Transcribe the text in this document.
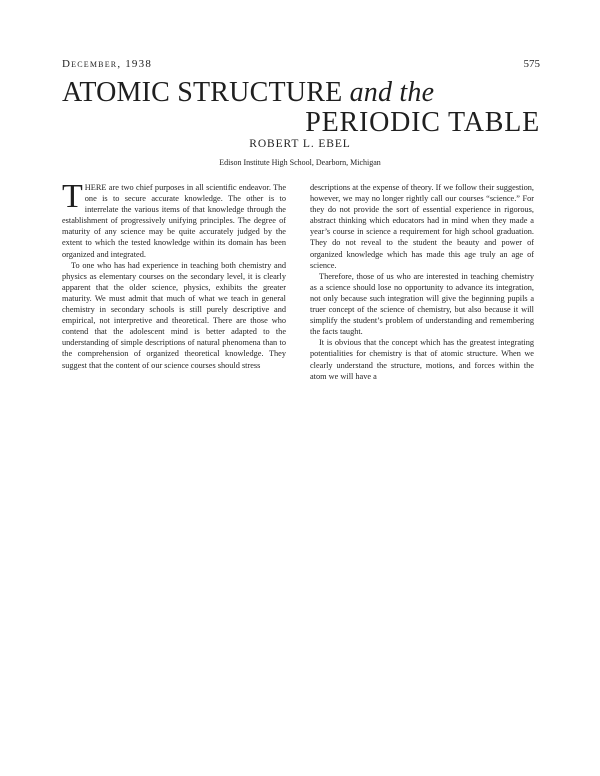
December, 1938	575
ATOMIC STRUCTURE and the
PERIODIC TABLE
ROBERT L. EBEL
Edison Institute High School, Dearborn, Michigan

THERE are two chief purposes in all scientific endeavor. The one is to secure accurate knowledge. The other is to interrelate the various items of that knowledge through the establishment of progressively unifying principles. The degree of maturity of any science may be quite accurately judged by the extent to which the tested knowledge within its domain has been organized and integrated.

To one who has had experience in teaching both chemistry and physics as elementary courses on the secondary level, it is clearly apparent that the older science, physics, exhibits the greater maturity. We must admit that much of what we teach in general chemistry in secondary schools is still purely descriptive and empirical, not interpretive and theoretical. There are those who contend that the adolescent mind is better adapted to the understanding of simple descriptions of natural phenomena than to the comprehension of organized theoretical knowledge. They suggest that the content of our science courses should stress

descriptions at the expense of theory. If we follow their suggestion, however, we may no longer rightly call our courses “science.” For they do not provide the sort of essential experience in rigorous, abstract thinking which educators had in mind when they made a year’s course in science a requirement for high school graduation. They do not reveal to the student the beauty and power of organized knowledge which has made this age truly an age of science.

Therefore, those of us who are interested in teaching chemistry as a science should lose no opportunity to advance its integration, not only because such integration will give the beginning pupils a truer concept of the science of chemistry, but also because it will simplify the student’s problem of understanding and remembering the facts taught.

It is obvious that the concept which has the greatest integrating potentialities for chemistry is that of atomic structure. When we clearly understand the structure, motions, and forces within the atom we will have a
